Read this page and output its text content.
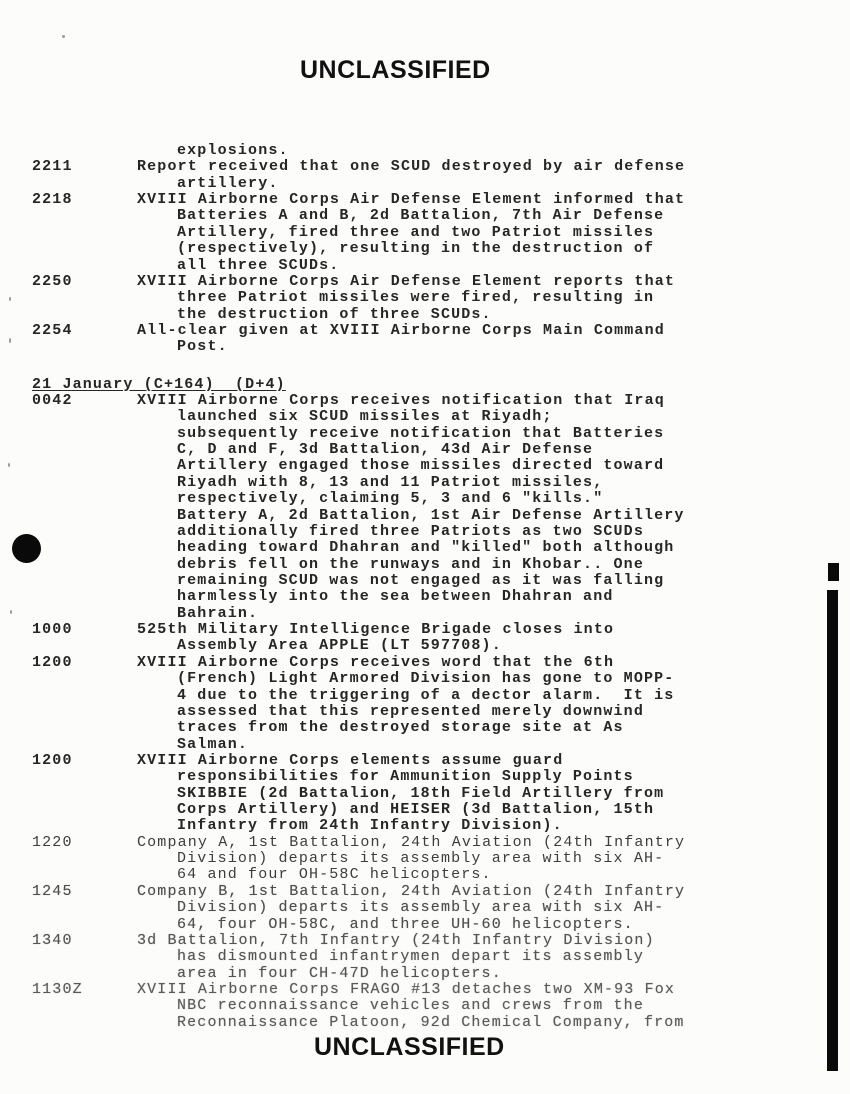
UNCLASSIFIED
explosions.
2211	Report received that one SCUD destroyed by air defense
artillery.
2218	XVIII Airborne Corps Air Defense Element informed that
Batteries A and B, 2d Battalion, 7th Air Defense
Artillery, fired three and two Patriot missiles
(respectively), resulting in the destruction of
all three SCUDs.
2250	XVIII Airborne Corps Air Defense Element reports that
three Patriot missiles were fired, resulting in
the destruction of three SCUDs.
2254	All-clear given at XVIII Airborne Corps Main Command
Post.
21 January (C+164)  (D+4)
0042	XVIII Airborne Corps receives notification that Iraq
launched six SCUD missiles at Riyadh;
subsequently receive notification that Batteries
C, D and F, 3d Battalion, 43d Air Defense
Artillery engaged those missiles directed toward
Riyadh with 8, 13 and 11 Patriot missiles,
respectively, claiming 5, 3 and 6 "kills."
Battery A, 2d Battalion, 1st Air Defense Artillery
additionally fired three Patriots as two SCUDs
heading toward Dhahran and "killed" both although
debris fell on the runways and in Khobar.. One
remaining SCUD was not engaged as it was falling
harmlessly into the sea between Dhahran and
Bahrain.
1000	525th Military Intelligence Brigade closes into
Assembly Area APPLE (LT 597708).
1200	XVIII Airborne Corps receives word that the 6th
(French) Light Armored Division has gone to MOPP-
4 due to the triggering of a dector alarm.  It is
assessed that this represented merely downwind
traces from the destroyed storage site at As
Salman.
1200	XVIII Airborne Corps elements assume guard
responsibilities for Ammunition Supply Points
SKIBBIE (2d Battalion, 18th Field Artillery from
Corps Artillery) and HEISER (3d Battalion, 15th
Infantry from 24th Infantry Division).
1220	Company A, 1st Battalion, 24th Aviation (24th Infantry
Division) departs its assembly area with six AH-
64 and four OH-58C helicopters.
1245	Company B, 1st Battalion, 24th Aviation (24th Infantry
Division) departs its assembly area with six AH-
64, four OH-58C, and three UH-60 helicopters.
1340	3d Battalion, 7th Infantry (24th Infantry Division)
has dismounted infantrymen depart its assembly
area in four CH-47D helicopters.
1130Z	XVIII Airborne Corps FRAGO #13 detaches two XM-93 Fox
NBC reconnaissance vehicles and crews from the
Reconnaissance Platoon, 92d Chemical Company, from
UNCLASSIFIED
